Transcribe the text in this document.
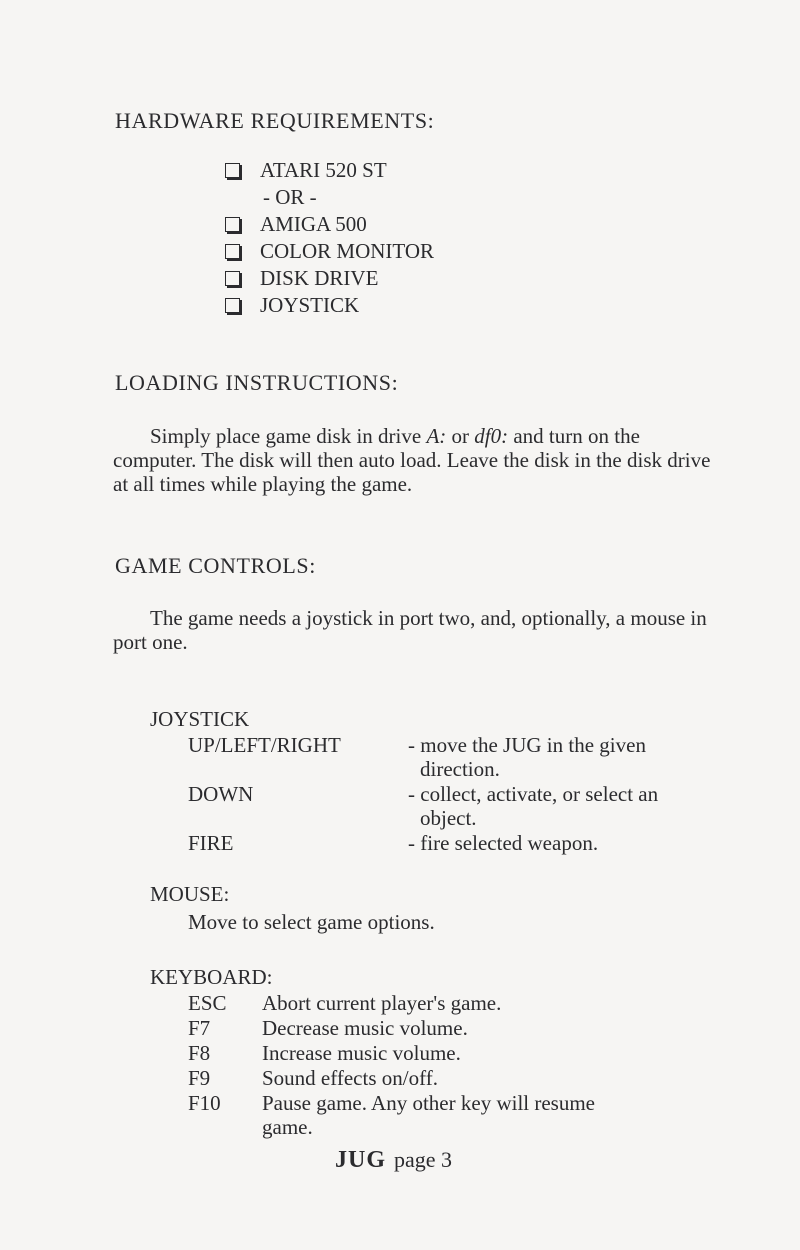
HARDWARE REQUIREMENTS:
ATARI 520 ST
- OR -
AMIGA 500
COLOR MONITOR
DISK DRIVE
JOYSTICK
LOADING INSTRUCTIONS:
Simply place game disk in drive A: or df0: and turn on the computer. The disk will then auto load. Leave the disk in the disk drive at all times while playing the game.
GAME CONTROLS:
The game needs a joystick in port two, and, optionally, a mouse in port one.
JOYSTICK
UP/LEFT/RIGHT	- move the JUG in the given
direction.
DOWN	- collect, activate, or select an
object.
FIRE	- fire selected weapon.
MOUSE:
Move to select game options.
KEYBOARD:
ESC Abort current player's game.
F7 Decrease music volume.
F8 Increase music volume.
F9 Sound effects on/off.
F10 Pause game. Any other key will resume
game.
JUG page 3
